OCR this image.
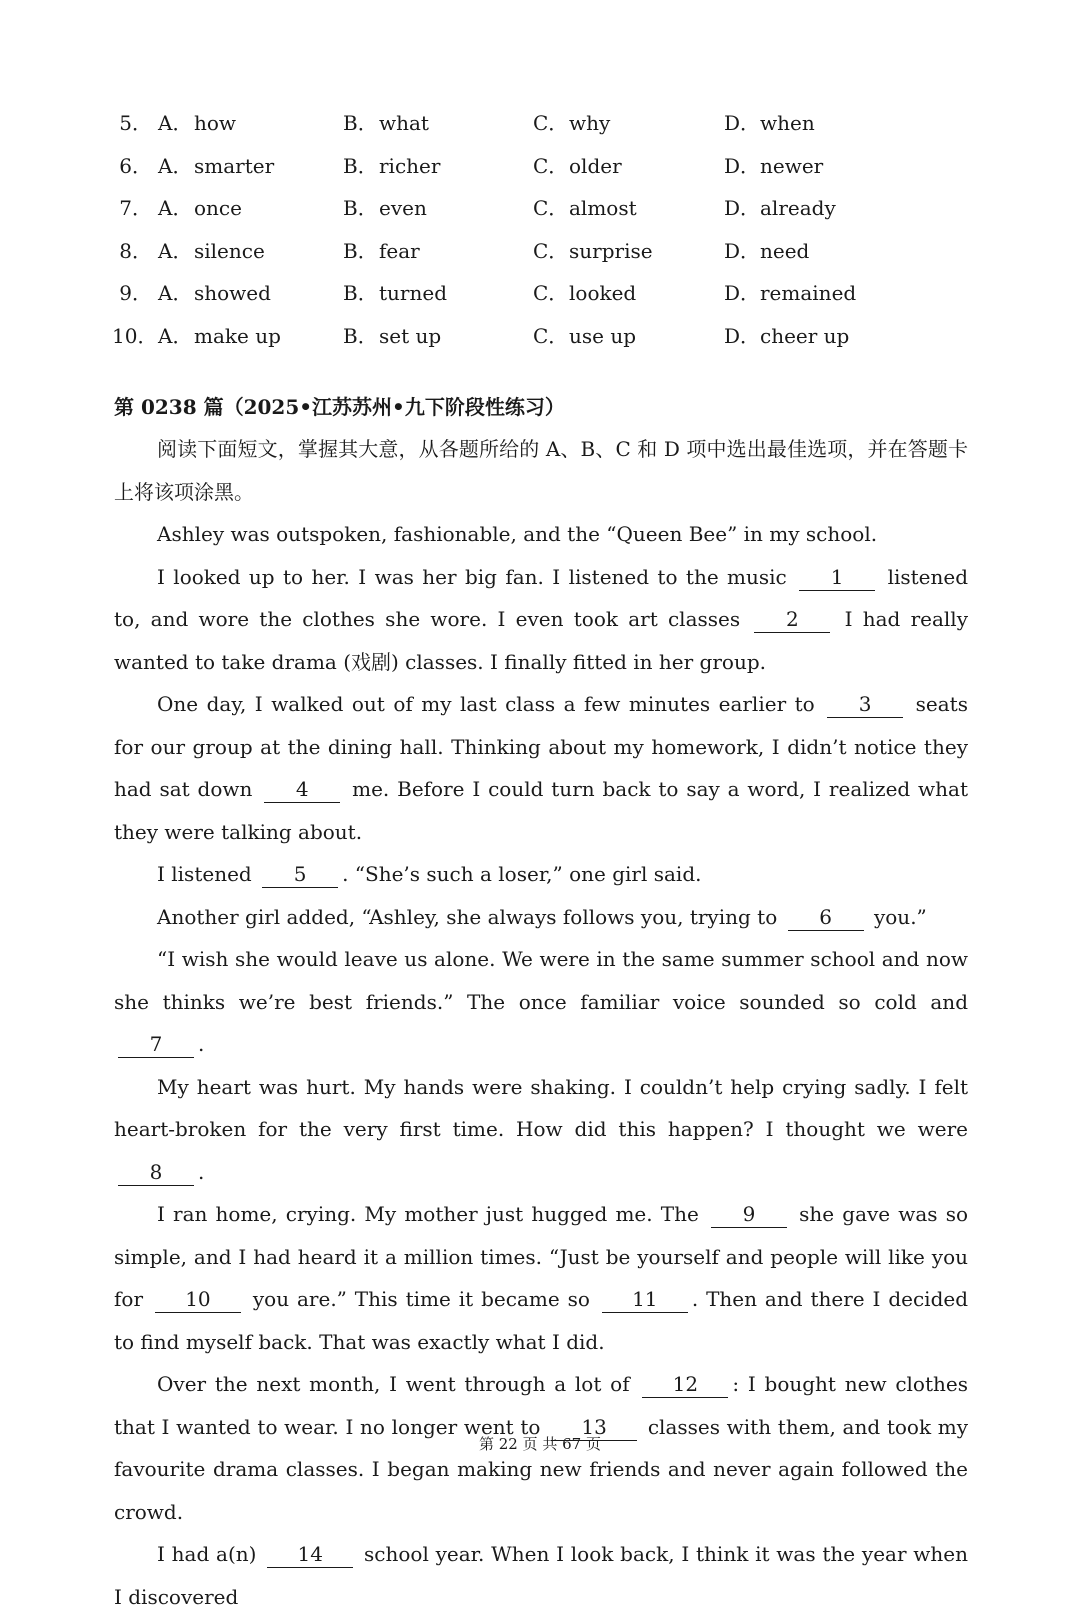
5． A．how	B．what	C．why	D．when
6． A．smarter	B．richer	C．older	D．newer
7． A．once	B．even	C．almost	D．already
8． A．silence	B．fear	C．surprise	D．need
9． A．showed	B．turned	C．looked	D．remained
10． A．make up	B．set up	C．use up	D．cheer up
第 0238 篇（2025•江苏苏州•九下阶段性练习）

阅读下面短文，掌握其大意，从各题所给的 A、B、C 和 D 项中选出最佳选项，并在答题卡上将该项涂黑。

Ashley was outspoken, fashionable, and the “Queen Bee” in my school.

I looked up to her. I was her big fan. I listened to the music 1 listened to, and wore the clothes she wore. I even took art classes 2 I had really wanted to take drama (戏剧) classes. I finally fitted in her group.

One day, I walked out of my last class a few minutes earlier to 3 seats for our group at the dining hall. Thinking about my homework, I didn’t notice they had sat down 4 me. Before I could turn back to say a word, I realized what they were talking about.

I listened 5 . “She’s such a loser,” one girl said.

Another girl added, “Ashley, she always follows you, trying to 6 you.”

“I wish she would leave us alone. We were in the same summer school and now she thinks we’re best friends.” The once familiar voice sounded so cold and 7 .

My heart was hurt. My hands were shaking. I couldn’t help crying sadly. I felt heart-broken for the very first time. How did this happen? I thought we were 8 .

I ran home, crying. My mother just hugged me. The 9 she gave was so simple, and I had heard it a million times. “Just be yourself and people will like you for 10 you are.” This time it became so 11 . Then and there I decided to find myself back. That was exactly what I did.

Over the next month, I went through a lot of 12 : I bought new clothes that I wanted to wear. I no longer went to 13 classes with them, and took my favourite drama classes. I began making new friends and never again followed the crowd.

I had a(n) 14 school year. When I look back, I think it was the year when I discovered

第 22 页 共 67 页
